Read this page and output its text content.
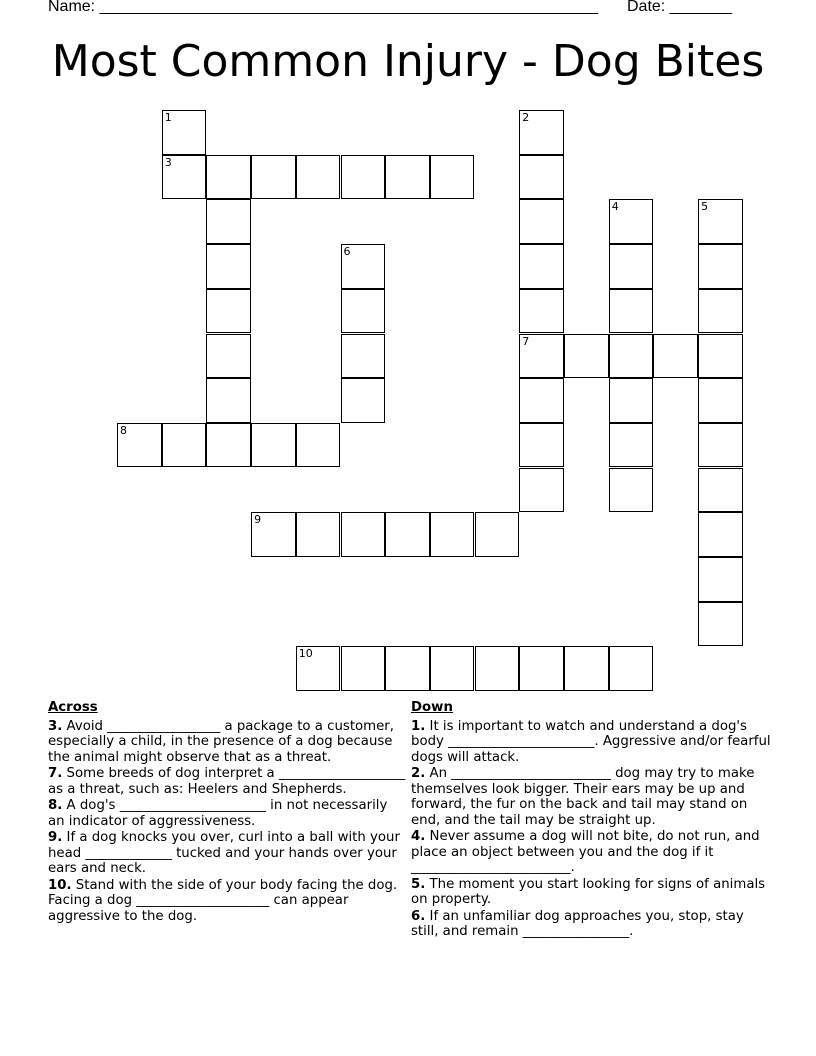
Name: ________________________________________________________ Date: _______
Most Common Injury - Dog Bites
1	2
3
4	5
6
7
8
9
10
Across
3. Avoid _________________ a package to a customer, especially a child, in the presence of a dog because the animal might observe that as a threat.
7. Some breeds of dog interpret a ___________________ as a threat, such as: Heelers and Shepherds.
8. A dog's ______________________ in not necessarily an indicator of aggressiveness.
9. If a dog knocks you over, curl into a ball with your head _____________ tucked and your hands over your ears and neck.
10. Stand with the side of your body facing the dog. Facing a dog ____________________ can appear aggressive to the dog.
Down
1. It is important to watch and understand a dog's body ______________________. Aggressive and/or fearful dogs will attack.
2. An ________________________ dog may try to make themselves look bigger. Their ears may be up and forward, the fur on the back and tail may stand on end, and the tail may be straight up.
4. Never assume a dog will not bite, do not run, and place an object between you and the dog if it ________________________.
5. The moment you start looking for signs of animals on property.
6. If an unfamiliar dog approaches you, stop, stay still, and remain ________________.
